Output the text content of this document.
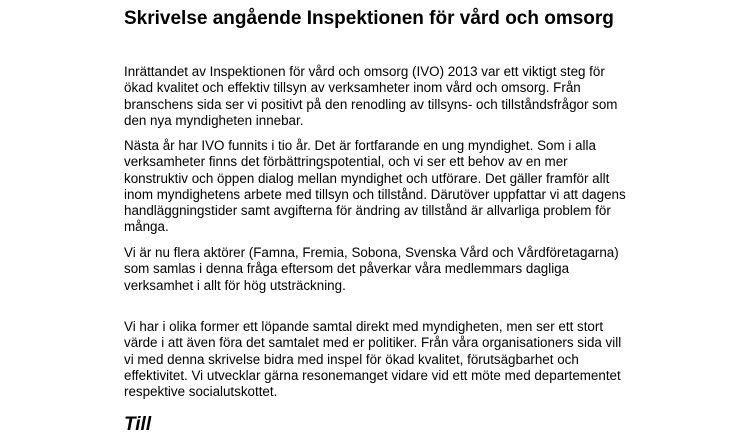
Skrivelse angående Inspektionen för vård och omsorg

Inrättandet av Inspektionen för vård och omsorg (IVO) 2013 var ett viktigt steg för ökad kvalitet och effektiv tillsyn av verksamheter inom vård och omsorg. Från branschens sida ser vi positivt på den renodling av tillsyns- och tillståndsfrågor som den nya myndigheten innebar.

Nästa år har IVO funnits i tio år. Det är fortfarande en ung myndighet. Som i alla verksamheter finns det förbättringspotential, och vi ser ett behov av en mer konstruktiv och öppen dialog mellan myndighet och utförare. Det gäller framför allt inom myndighetens arbete med tillsyn och tillstånd. Därutöver uppfattar vi att dagens handläggningstider samt avgifterna för ändring av tillstånd är allvarliga problem för många.

Vi är nu flera aktörer (Famna, Fremia, Sobona, Svenska Vård och Vårdföretagarna) som samlas i denna fråga eftersom det påverkar våra medlemmars dagliga verksamhet i allt för hög utsträckning.

Vi har i olika former ett löpande samtal direkt med myndigheten, men ser ett stort värde i att även föra det samtalet med er politiker. Från våra organisationers sida vill vi med denna skrivelse bidra med inspel för ökad kvalitet, förutsägbarhet och effektivitet. Vi utvecklar gärna resonemanget vidare vid ett möte med departementet respektive socialutskottet.

Till
